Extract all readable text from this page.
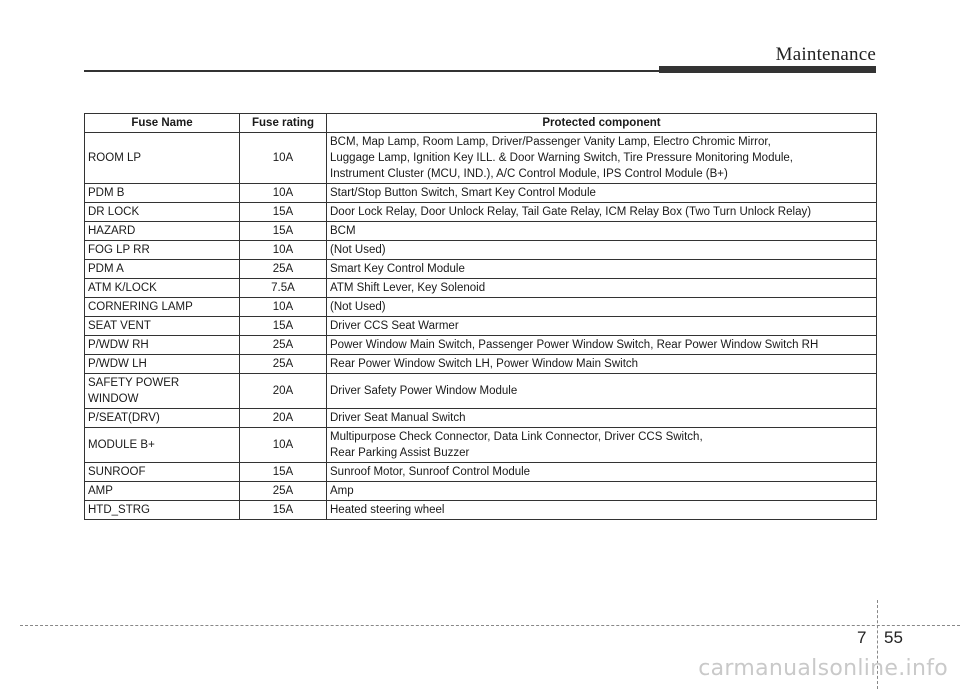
Maintenance
Fuse Name	Fuse rating	Protected component
ROOM LP	10A	BCM, Map Lamp, Room Lamp, Driver/Passenger Vanity Lamp, Electro Chromic Mirror,
Luggage Lamp, Ignition Key ILL. & Door Warning Switch, Tire Pressure Monitoring Module,
Instrument Cluster (MCU, IND.), A/C Control Module, IPS Control Module (B+)
PDM B	10A	Start/Stop Button Switch, Smart Key Control Module
DR LOCK	15A	Door Lock Relay, Door Unlock Relay, Tail Gate Relay, ICM Relay Box (Two Turn Unlock Relay)
HAZARD	15A	BCM
FOG LP RR	10A	(Not Used)
PDM A	25A	Smart Key Control Module
ATM K/LOCK	7.5A	ATM Shift Lever, Key Solenoid
CORNERING LAMP	10A	(Not Used)
SEAT VENT	15A	Driver CCS Seat Warmer
P/WDW RH	25A	Power Window Main Switch, Passenger Power Window Switch, Rear Power Window Switch RH
P/WDW LH	25A	Rear Power Window Switch LH, Power Window Main Switch
SAFETY POWER
WINDOW	20A	Driver Safety Power Window Module
P/SEAT(DRV)	20A	Driver Seat Manual Switch
MODULE B+	10A	Multipurpose Check Connector, Data Link Connector, Driver CCS Switch,
Rear Parking Assist Buzzer
SUNROOF	15A	Sunroof Motor, Sunroof Control Module
AMP	25A	Amp
HTD_STRG	15A	Heated steering wheel
7 55
carmanualsonline.info
